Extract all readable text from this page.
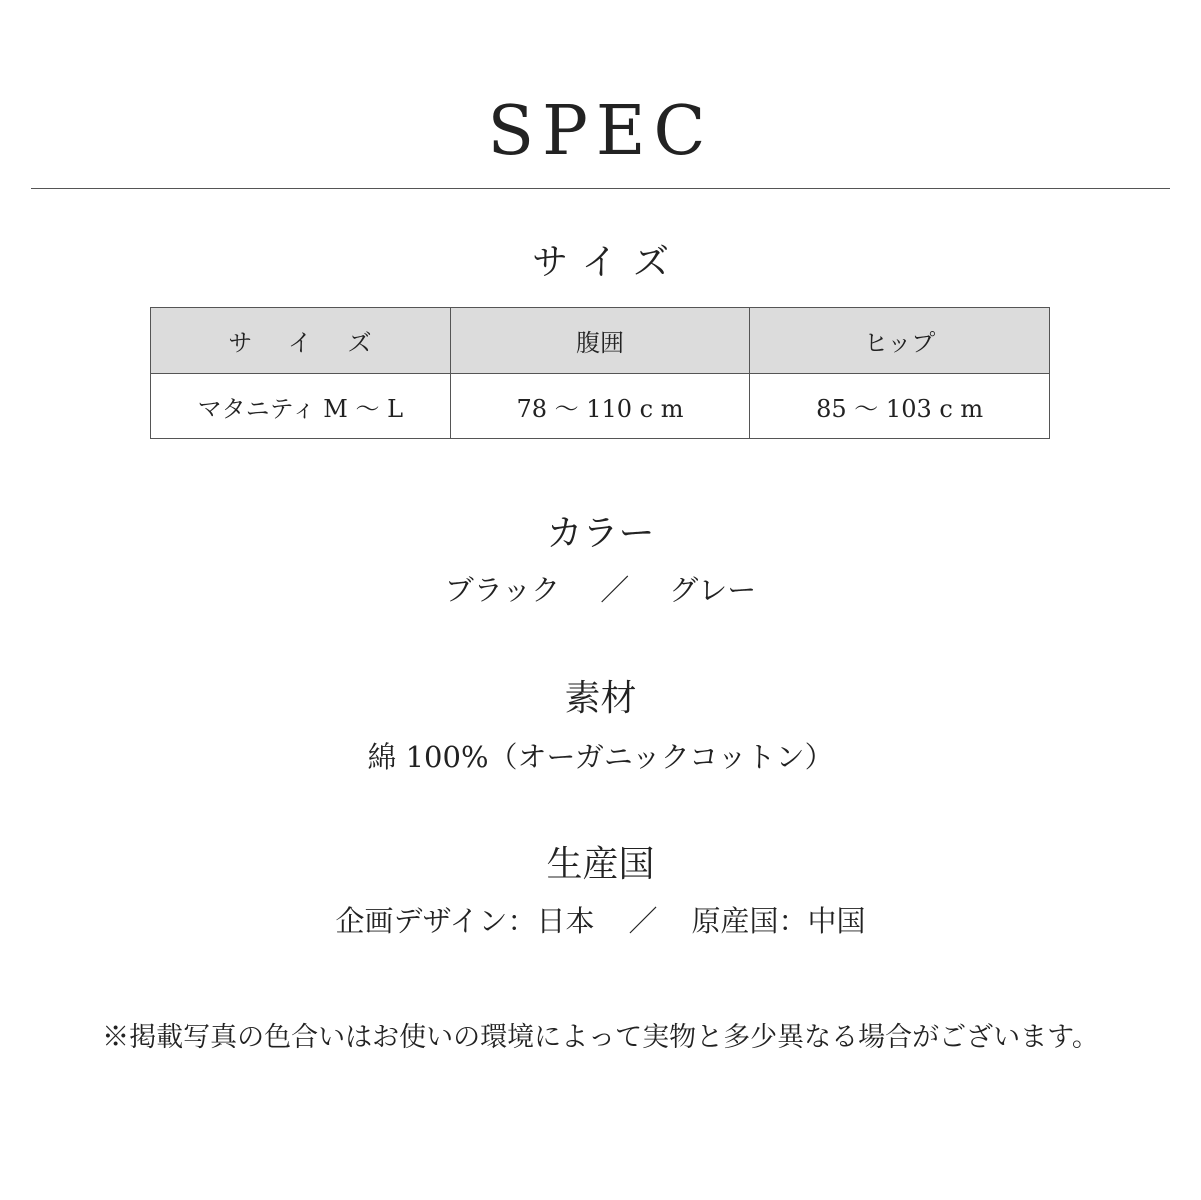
SPEC
サイズ
サ イ ズ	腹囲	ヒップ
マタニティ M 〜 L	78 〜 110 c m	85 〜 103 c m
カラー
ブラック ／ グレー
素材
綿 100%（オーガニックコットン）
生産国
企画デザイン：日本 ／ 原産国：中国
※掲載写真の色合いはお使いの環境によって実物と多少異なる場合がございます。
